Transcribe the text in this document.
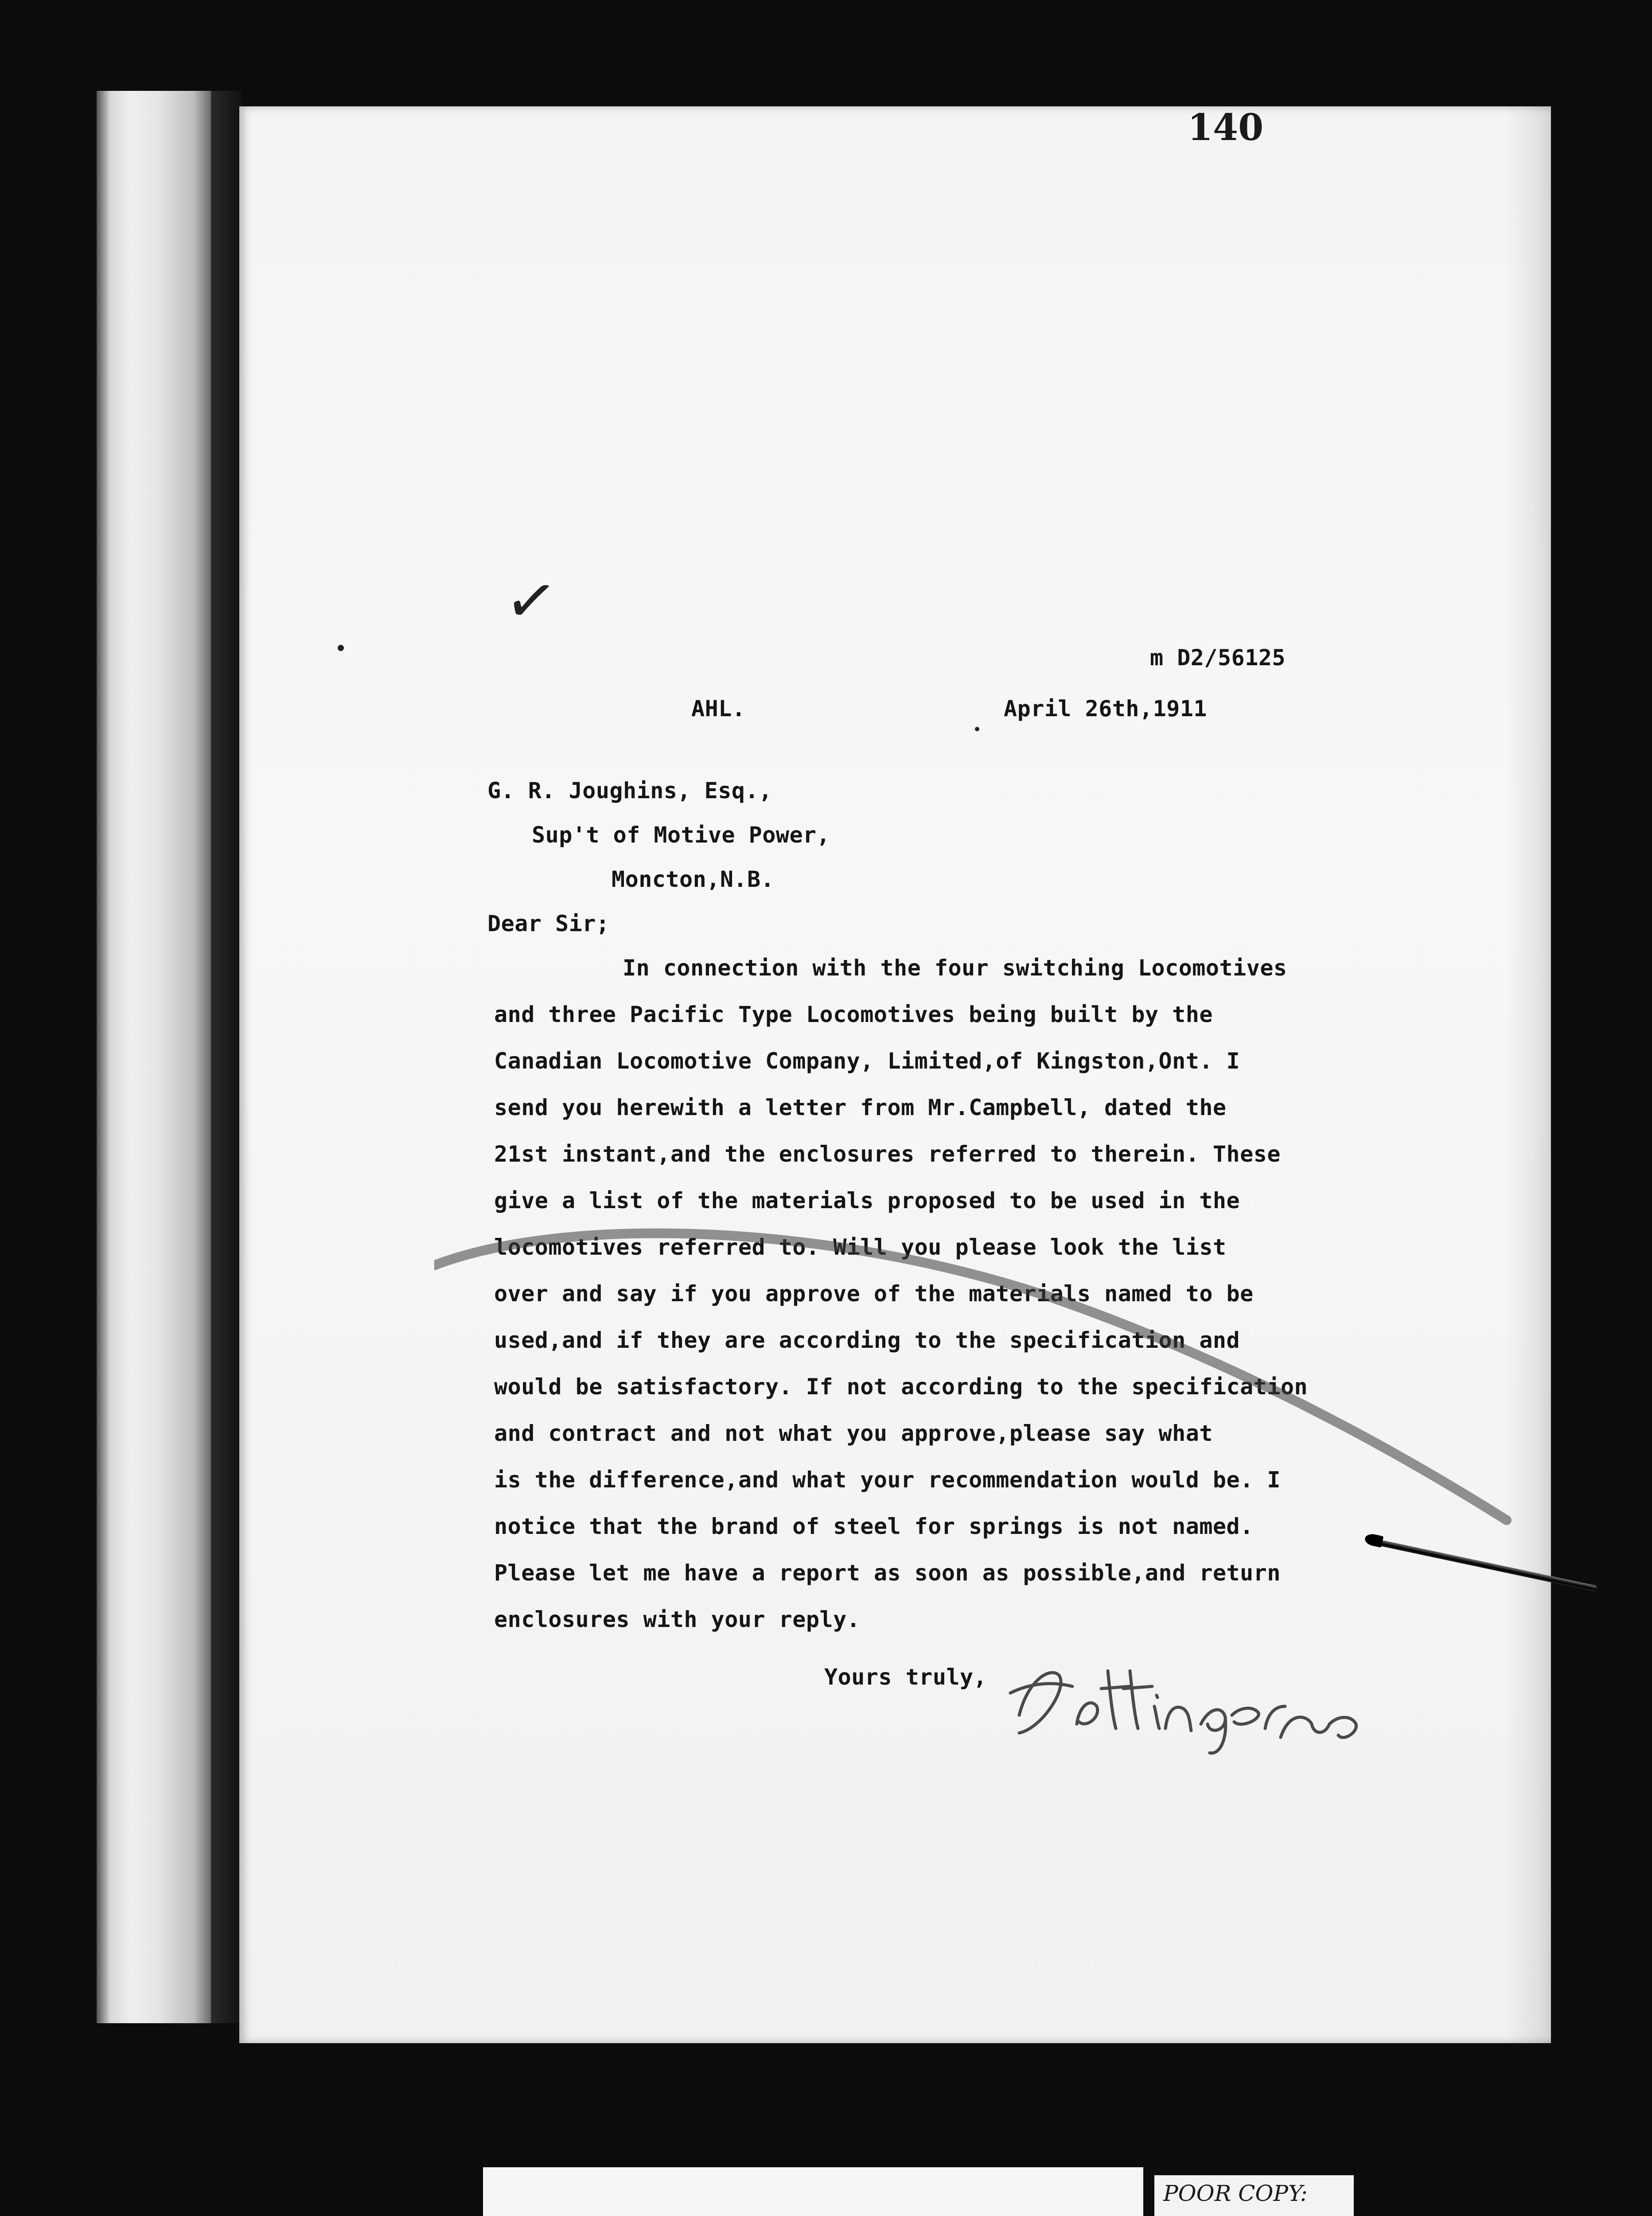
140
✓
m D2/56125
AHL.	April 26th,1911
G. R. Joughins, Esq.,
Sup't of Motive Power,
Moncton,N.B.
Dear Sir;
In connection with the four switching Locomotives
and three Pacific Type Locomotives being built by the
Canadian Locomotive Company, Limited,of Kingston,Ont. I
send you herewith a letter from Mr.Campbell, dated the
21st instant,and the enclosures referred to therein. These
give a list of the materials proposed to be used in the
locomotives referred to. Will you please look the list
over and say if you approve of the materials named to be
used,and if they are according to the specification and
would be satisfactory. If not according to the specification
and contract and not what you approve,please say what
is the difference,and what your recommendation would be. I
notice that the brand of steel for springs is not named.
Please let me have a report as soon as possible,and return
enclosures with your reply.
Yours truly,
POOR COPY:
